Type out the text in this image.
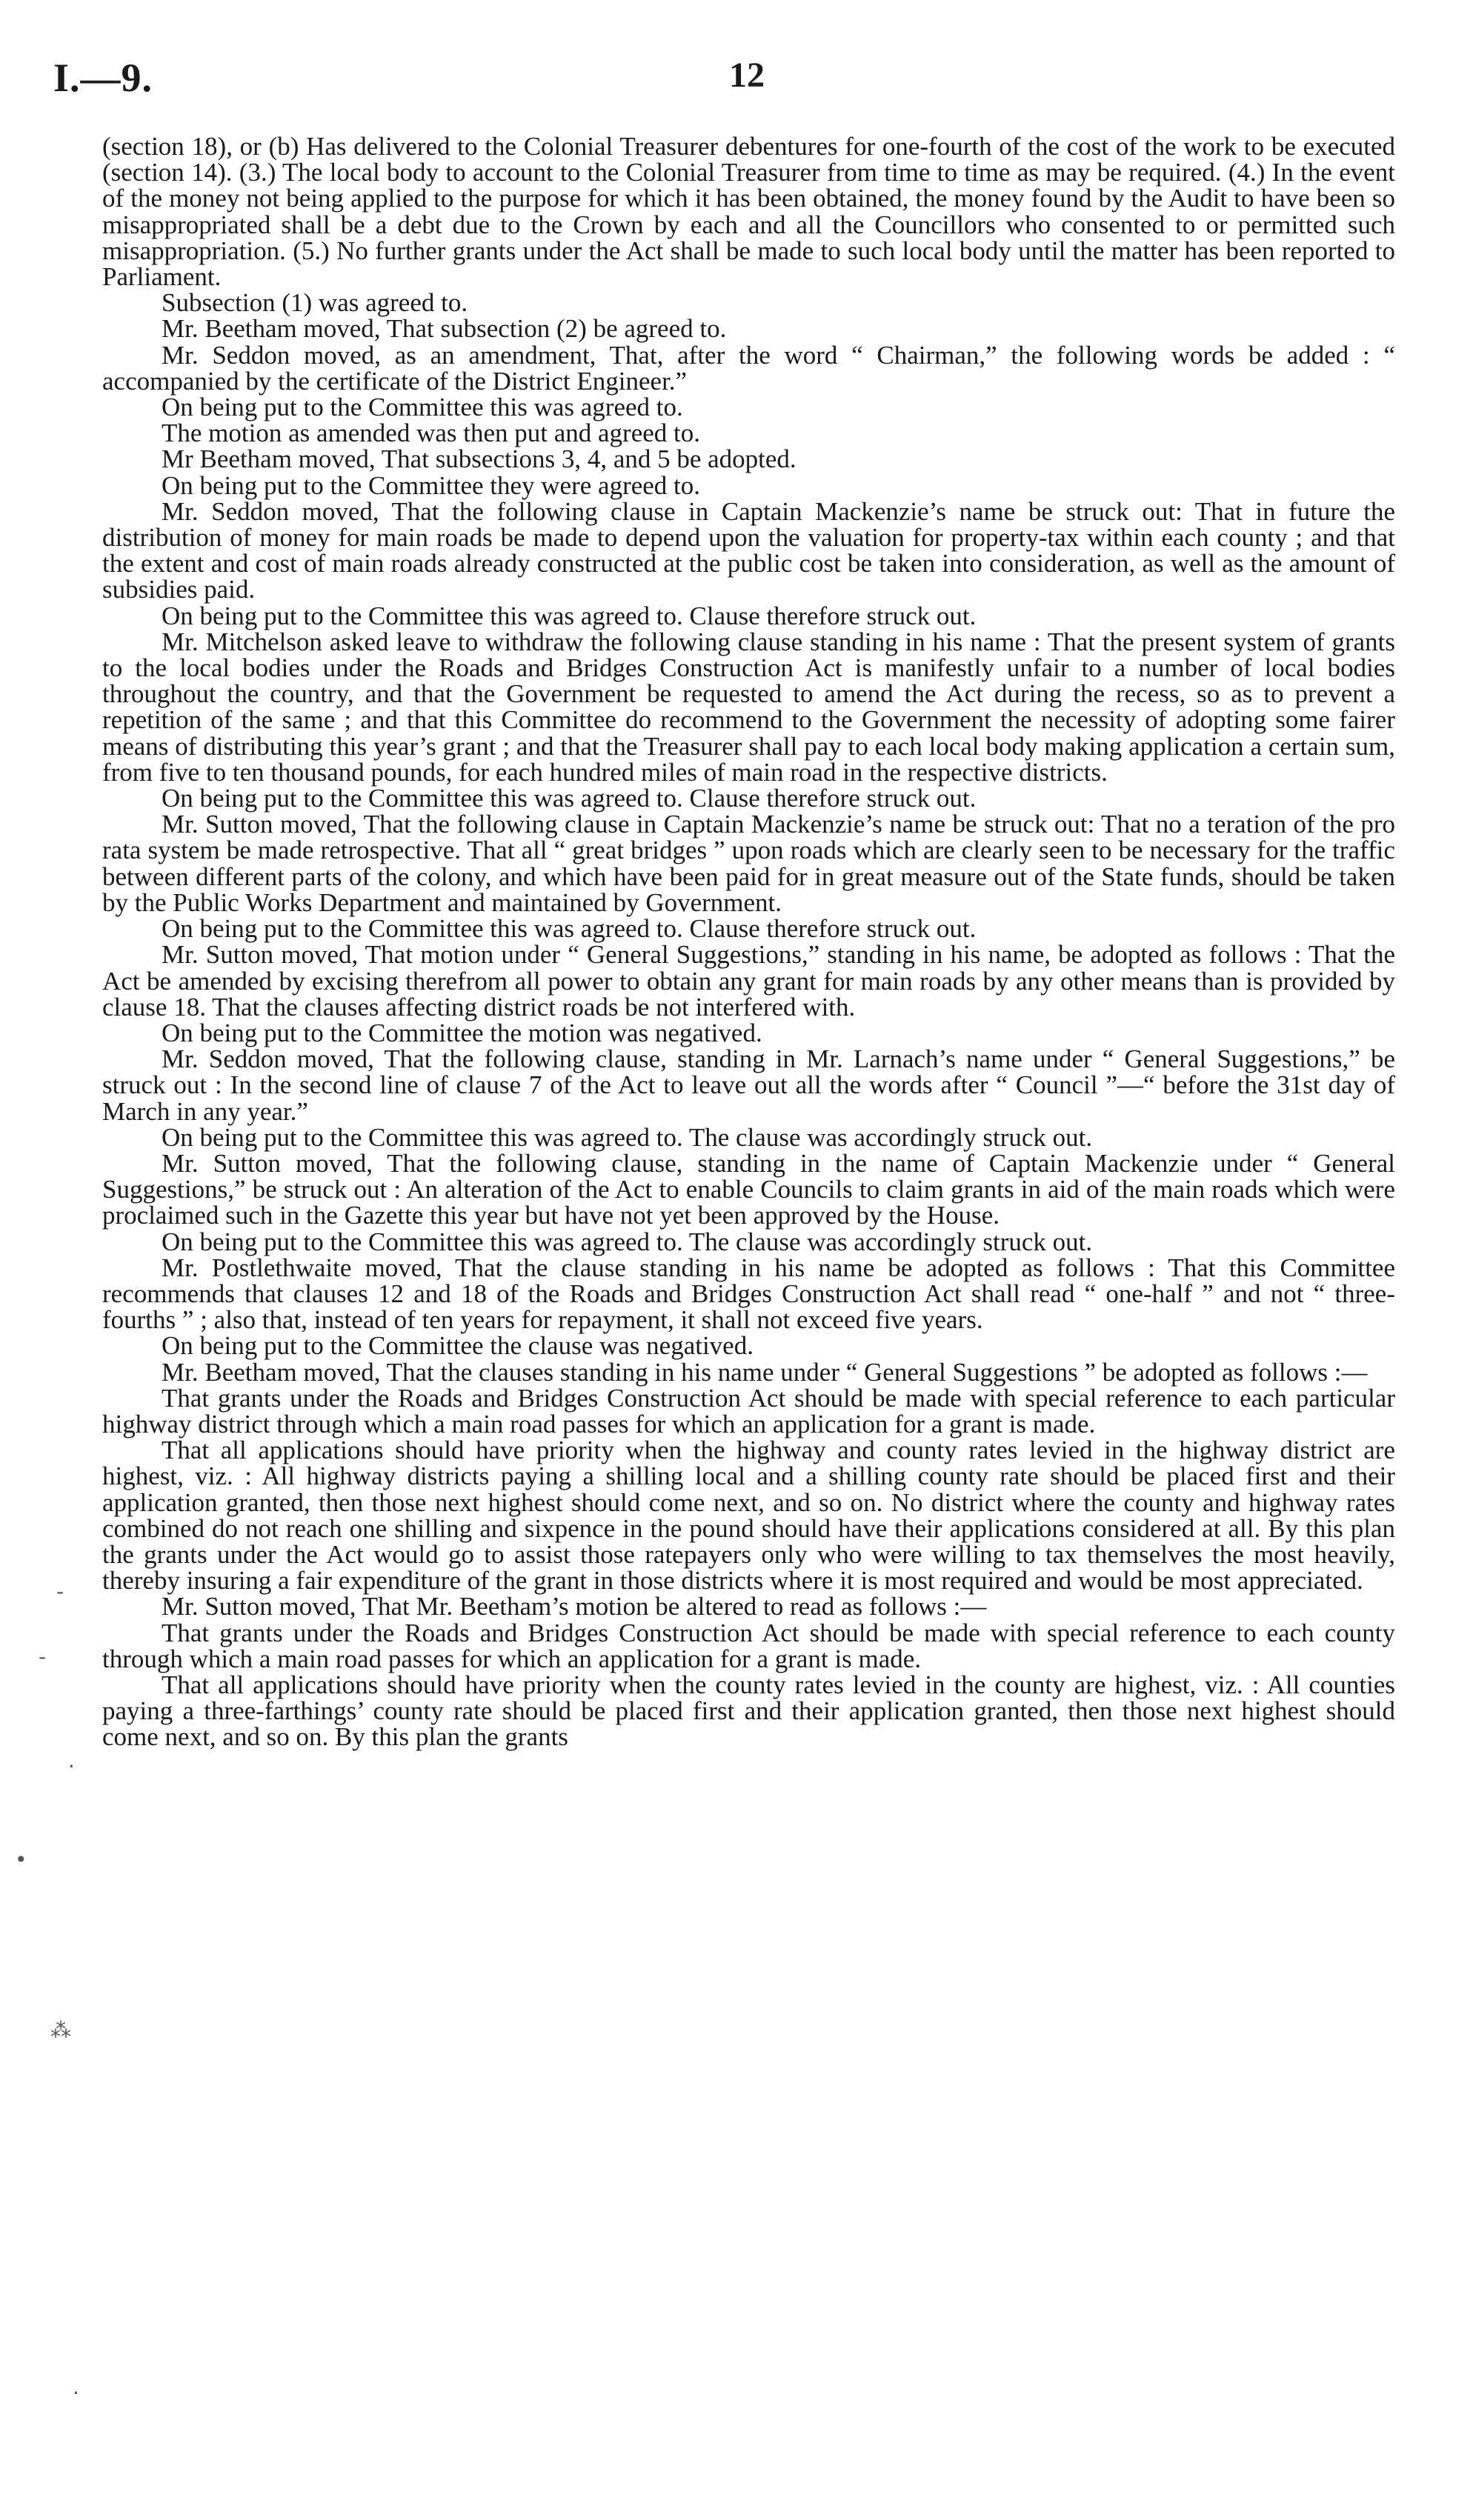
I.—9.	12

(section 18), or (b) Has delivered to the Colonial Treasurer debentures for one-fourth of the cost of the work to be executed (section 14). (3.) The local body to account to the Colonial Treasurer from time to time as may be required. (4.) In the event of the money not being applied to the purpose for which it has been obtained, the money found by the Audit to have been so misappropriated shall be a debt due to the Crown by each and all the Councillors who consented to or permitted such misappropriation. (5.) No further grants under the Act shall be made to such local body until the matter has been reported to Parliament.

Subsection (1) was agreed to.

Mr. Beetham moved, That subsection (2) be agreed to.

Mr. Seddon moved, as an amendment, That, after the word “ Chairman,” the following words be added : “ accompanied by the certificate of the District Engineer.”

On being put to the Committee this was agreed to.

The motion as amended was then put and agreed to.

Mr Beetham moved, That subsections 3, 4, and 5 be adopted.

On being put to the Committee they were agreed to.

Mr. Seddon moved, That the following clause in Captain Mackenzie’s name be struck out: That in future the distribution of money for main roads be made to depend upon the valuation for property-tax within each county ; and that the extent and cost of main roads already constructed at the public cost be taken into consideration, as well as the amount of subsidies paid.

On being put to the Committee this was agreed to. Clause therefore struck out.

Mr. Mitchelson asked leave to withdraw the following clause standing in his name : That the present system of grants to the local bodies under the Roads and Bridges Construction Act is manifestly unfair to a number of local bodies throughout the country, and that the Government be requested to amend the Act during the recess, so as to prevent a repetition of the same ; and that this Committee do recommend to the Government the necessity of adopting some fairer means of distributing this year’s grant ; and that the Treasurer shall pay to each local body making application a certain sum, from five to ten thousand pounds, for each hundred miles of main road in the respective districts.

On being put to the Committee this was agreed to. Clause therefore struck out.

Mr. Sutton moved, That the following clause in Captain Mackenzie’s name be struck out: That no a teration of the pro rata system be made retrospective. That all “ great bridges ” upon roads which are clearly seen to be necessary for the traffic between different parts of the colony, and which have been paid for in great measure out of the State funds, should be taken by the Public Works Department and maintained by Government.

On being put to the Committee this was agreed to. Clause therefore struck out.

Mr. Sutton moved, That motion under “ General Suggestions,” standing in his name, be adopted as follows : That the Act be amended by excising therefrom all power to obtain any grant for main roads by any other means than is provided by clause 18. That the clauses affecting district roads be not interfered with.

On being put to the Committee the motion was negatived.

Mr. Seddon moved, That the following clause, standing in Mr. Larnach’s name under “ General Suggestions,” be struck out : In the second line of clause 7 of the Act to leave out all the words after “ Council ”—“ before the 31st day of March in any year.”

On being put to the Committee this was agreed to. The clause was accordingly struck out.

Mr. Sutton moved, That the following clause, standing in the name of Captain Mackenzie under “ General Suggestions,” be struck out : An alteration of the Act to enable Councils to claim grants in aid of the main roads which were proclaimed such in the Gazette this year but have not yet been approved by the House.

On being put to the Committee this was agreed to. The clause was accordingly struck out.

Mr. Postlethwaite moved, That the clause standing in his name be adopted as follows : That this Committee recommends that clauses 12 and 18 of the Roads and Bridges Construction Act shall read “ one-half ” and not “ three-fourths ” ; also that, instead of ten years for repayment, it shall not exceed five years.

On being put to the Committee the clause was negatived.

Mr. Beetham moved, That the clauses standing in his name under “ General Suggestions ” be adopted as follows :—

That grants under the Roads and Bridges Construction Act should be made with special reference to each particular highway district through which a main road passes for which an application for a grant is made.

That all applications should have priority when the highway and county rates levied in the highway district are highest, viz. : All highway districts paying a shilling local and a shilling county rate should be placed first and their application granted, then those next highest should come next, and so on. No district where the county and highway rates combined do not reach one shilling and sixpence in the pound should have their applications considered at all. By this plan the grants under the Act would go to assist those ratepayers only who were willing to tax themselves the most heavily, thereby insuring a fair expenditure of the grant in those districts where it is most required and would be most appreciated.

Mr. Sutton moved, That Mr. Beetham’s motion be altered to read as follows :—

That grants under the Roads and Bridges Construction Act should be made with special reference to each county through which a main road passes for which an application for a grant is made.

That all applications should have priority when the county rates levied in the county are highest, viz. : All counties paying a three-farthings’ county rate should be placed first and their application granted, then those next highest should come next, and so on. By this plan the grants

‐
‐
·
•
⁂
·
